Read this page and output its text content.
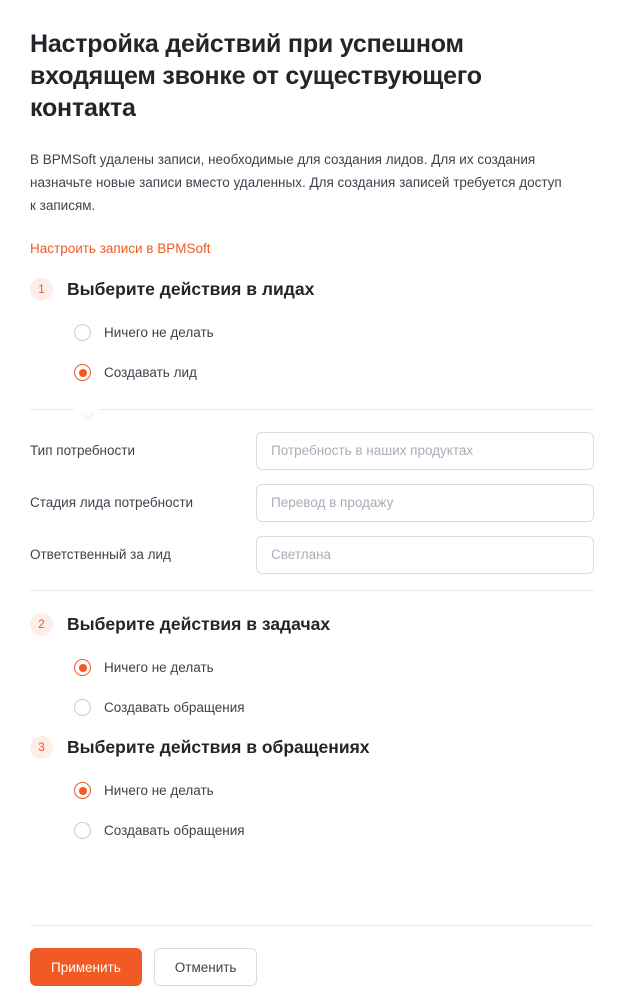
Настройка действий при успешном входящем звонке от существующего контакта

В BPMSoft удалены записи, необходимые для создания лидов. Для их создания назначьте новые записи вместо удаленных. Для создания записей требуется доступ к записям.

Настроить записи в BPMSoft
1	Выберите действия в лидах
Ничего не делать
Создавать лид
Тип потребности
Потребность в наших продуктах
Стадия лида потребности
Перевод в продажу
Ответственный за лид
Светлана
2	Выберите действия в задачах
Ничего не делать
Создавать обращения
3	Выберите действия в обращениях
Ничего не делать
Создавать обращения
Применить	Отменить
